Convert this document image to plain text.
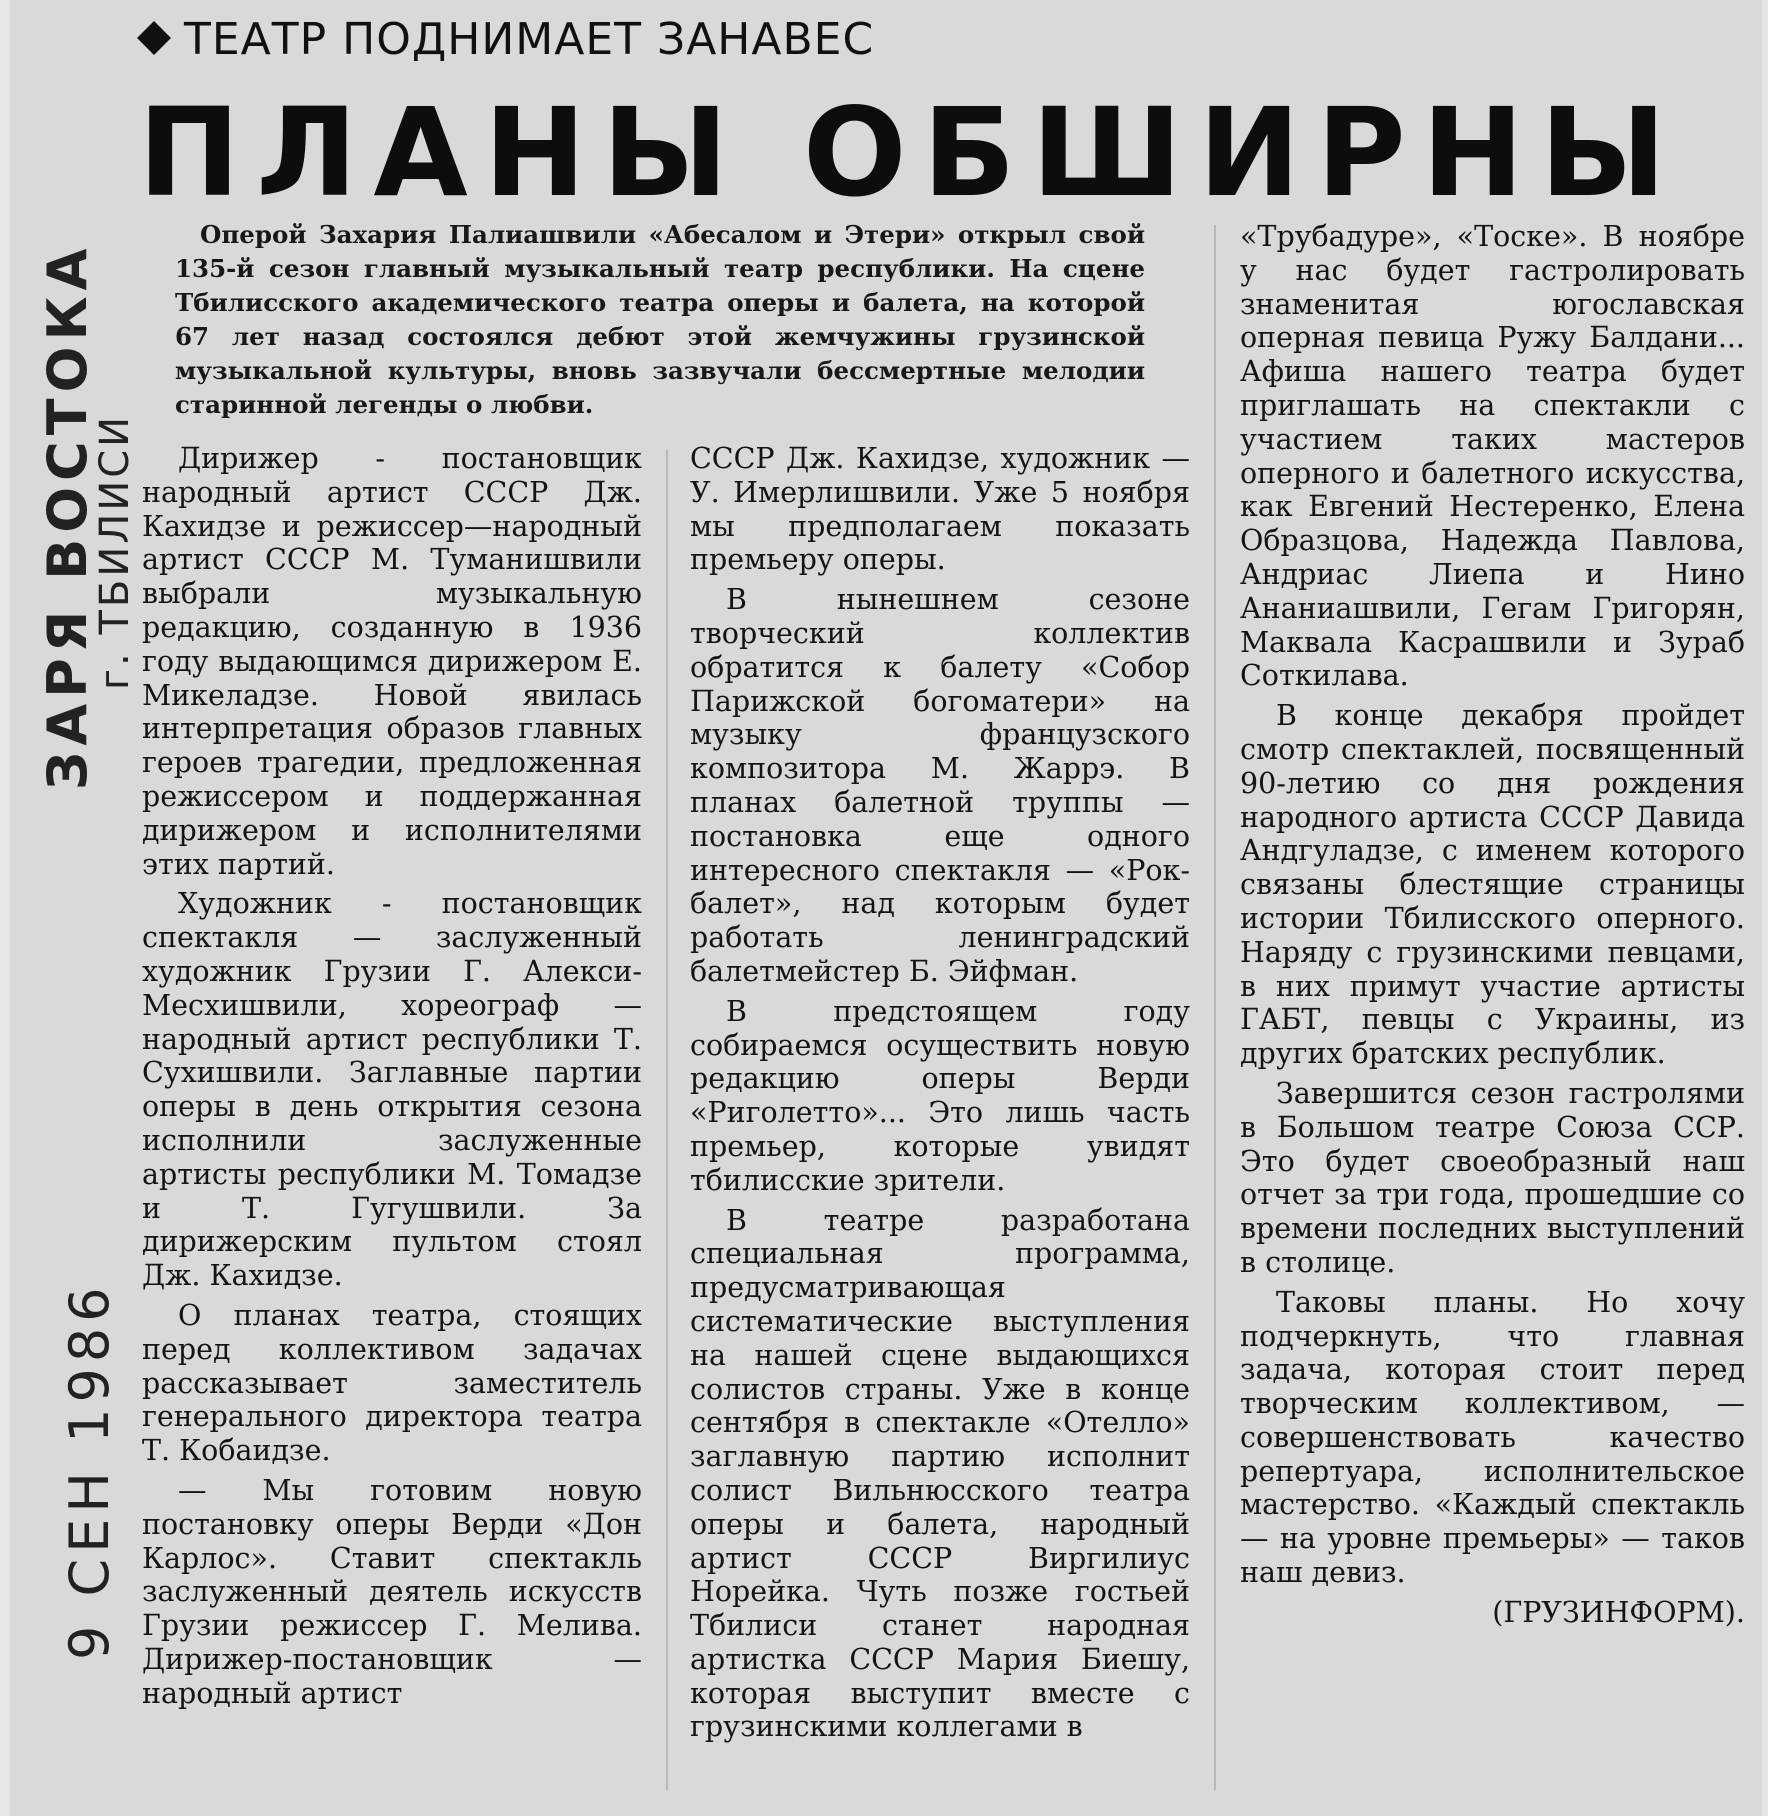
ТЕАТР ПОДНИМАЕТ ЗАНАВЕС
ПЛАНЫ ОБШИРНЫ
Оперой Захария Палиашвили «Абесалом и Этери» открыл свой 135-й сезон главный музыкальный театр республики. На сцене Тбилисского академического театра оперы и балета, на которой 67 лет назад состоялся дебют этой жемчужины грузинской музыкальной культуры, вновь зазвучали бессмертные мелодии старинной легенды о любви.
ЗАРЯ ВОСТОКА
г. ТБИЛИСИ
9 СЕН 1986

Дирижер - постановщик народный артист СССР Дж. Кахидзе и режиссер—народный артист СССР М. Туманишвили выбрали музыкальную редакцию, созданную в 1936 году выдающимся дирижером Е. Микеладзе. Новой явилась интерпретация образов главных героев трагедии, предложенная режиссером и поддержанная дирижером и исполнителями этих партий.

Художник - постановщик спектакля — заслуженный художник Грузии Г. Алекси-Месхишвили, хореограф — народный артист республики Т. Сухишвили. Заглавные партии оперы в день открытия сезона исполнили заслуженные артисты республики М. Томадзе и Т. Гугушвили. За дирижерским пультом стоял Дж. Кахидзе.

О планах театра, стоящих перед коллективом задачах рассказывает заместитель генерального директора театра Т. Кобаидзе.

— Мы готовим новую постановку оперы Верди «Дон Карлос». Ставит спектакль заслуженный деятель искусств Грузии режиссер Г. Мелива. Дирижер-постановщик — народный артист

СССР Дж. Кахидзе, художник — У. Имерлишвили. Уже 5 ноября мы предполагаем показать премьеру оперы.

В нынешнем сезоне творческий коллектив обратится к балету «Собор Парижской богоматери» на музыку французского композитора М. Жаррэ. В планах балетной труппы — постановка еще одного интересного спектакля — «Рок-балет», над которым будет работать ленинградский балетмейстер Б. Эйфман.

В предстоящем году собираемся осуществить новую редакцию оперы Верди «Риголетто»... Это лишь часть премьер, которые увидят тбилисские зрители.

В театре разработана специальная программа, предусматривающая систематические выступления на нашей сцене выдающихся солистов страны. Уже в конце сентября в спектакле «Отелло» заглавную партию исполнит солист Вильнюсского театра оперы и балета, народный артист СССР Виргилиус Норейка. Чуть позже гостьей Тбилиси станет народная артистка СССР Мария Биешу, которая выступит вместе с грузинскими коллегами в

«Трубадуре», «Тоске». В ноябре у нас будет гастролировать знаменитая югославская оперная певица Ружу Балдани... Афиша нашего театра будет приглашать на спектакли с участием таких мастеров оперного и балетного искусства, как Евгений Нестеренко, Елена Образцова, Надежда Павлова, Андриас Лиепа и Нино Ананиашвили, Гегам Григорян, Маквала Касрашвили и Зураб Соткилава.

В конце декабря пройдет смотр спектаклей, посвященный 90-летию со дня рождения народного артиста СССР Давида Андгуладзе, с именем которого связаны блестящие страницы истории Тбилисского оперного. Наряду с грузинскими певцами, в них примут участие артисты ГАБТ, певцы с Украины, из других братских республик.

Завершится сезон гастролями в Большом театре Союза ССР. Это будет своеобразный наш отчет за три года, прошедшие со времени последних выступлений в столице.

Таковы планы. Но хочу подчеркнуть, что главная задача, которая стоит перед творческим коллективом, — совершенствовать качество репертуара, исполнительское мастерство. «Каждый спектакль — на уровне премьеры» — таков наш девиз.

(ГРУЗИНФОРМ).
